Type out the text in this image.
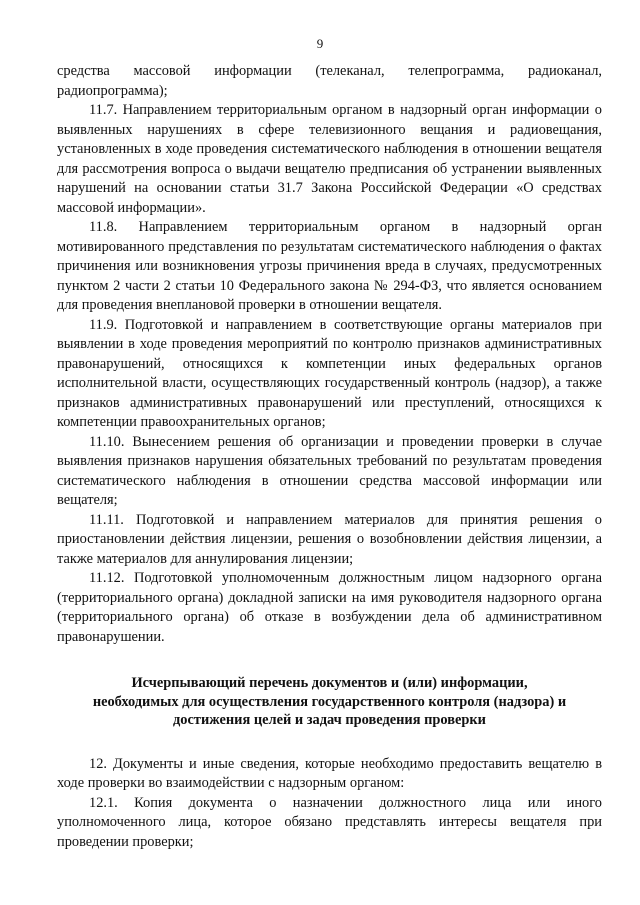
9

средства массовой информации (телеканал, телепрограмма, радиоканал, радиопрограмма);

11.7. Направлением территориальным органом в надзорный орган информации о выявленных нарушениях в сфере телевизионного вещания и радиовещания, установленных в ходе проведения систематического наблюдения в отношении вещателя для рассмотрения вопроса о выдачи вещателю предписания об устранении выявленных нарушений на основании статьи 31.7 Закона Российской Федерации «О средствах массовой информации».

11.8. Направлением территориальным органом в надзорный орган мотивированного представления по результатам систематического наблюдения о фактах причинения или возникновения угрозы причинения вреда в случаях, предусмотренных пунктом 2 части 2 статьи 10 Федерального закона № 294-ФЗ, что является основанием для проведения внеплановой проверки в отношении вещателя.

11.9. Подготовкой и направлением в соответствующие органы материалов при выявлении в ходе проведения мероприятий по контролю признаков административных правонарушений, относящихся к компетенции иных федеральных органов исполнительной власти, осуществляющих государственный контроль (надзор), а также признаков административных правонарушений или преступлений, относящихся к компетенции правоохранительных органов;

11.10. Вынесением решения об организации и проведении проверки в случае выявления признаков нарушения обязательных требований по результатам проведения систематического наблюдения в отношении средства массовой информации или вещателя;

11.11. Подготовкой и направлением материалов для принятия решения о приостановлении действия лицензии, решения о возобновлении действия лицензии, а также материалов для аннулирования лицензии;

11.12. Подготовкой уполномоченным должностным лицом надзорного органа (территориального органа) докладной записки на имя руководителя надзорного органа (территориального органа) об отказе в возбуждении дела об административном правонарушении.

Исчерпывающий перечень документов и (или) информации,
необходимых для осуществления государственного контроля (надзора) и
достижения целей и задач проведения проверки

12. Документы и иные сведения, которые необходимо предоставить вещателю в ходе проверки во взаимодействии с надзорным органом:

12.1. Копия документа о назначении должностного лица или иного уполномоченного лица, которое обязано представлять интересы вещателя при проведении проверки;
